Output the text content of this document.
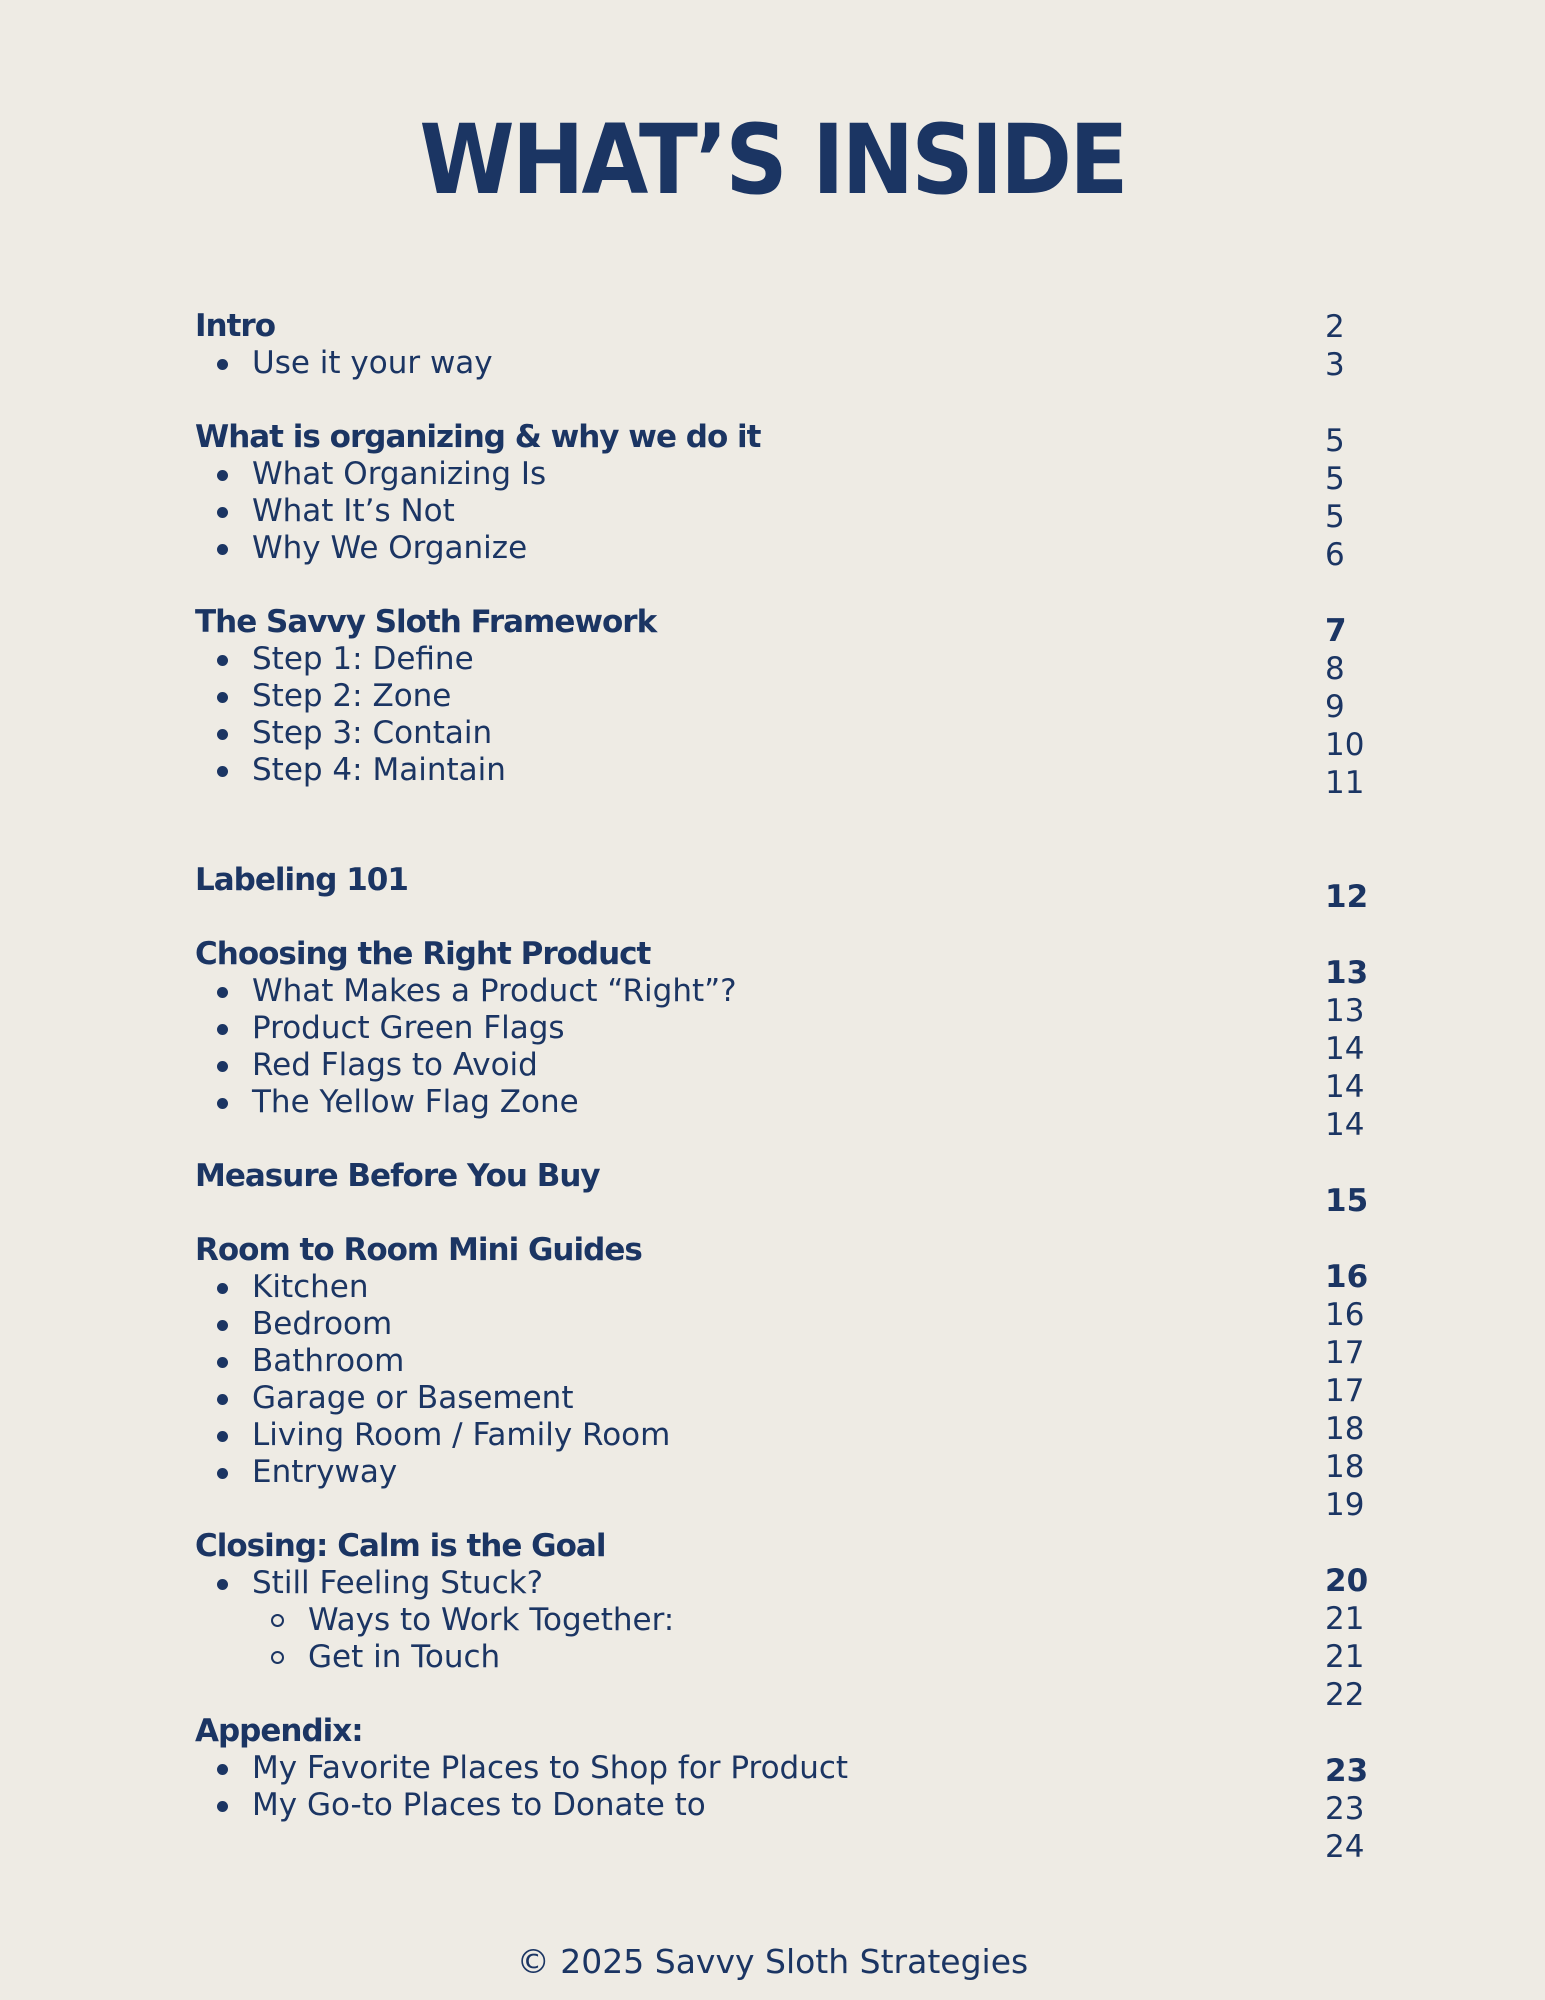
WHAT’S INSIDE
Intro
Use it your way
What is organizing & why we do it
What Organizing Is
What It’s Not
Why We Organize
The Savvy Sloth Framework
Step 1: Define
Step 2: Zone
Step 3: Contain
Step 4: Maintain
Labeling 101
Choosing the Right Product
What Makes a Product “Right”?
Product Green Flags
Red Flags to Avoid
The Yellow Flag Zone
Measure Before You Buy
Room to Room Mini Guides
Kitchen
Bedroom
Bathroom
Garage or Basement
Living Room / Family Room
Entryway
Closing: Calm is the Goal
Still Feeling Stuck?
Ways to Work Together:
Get in Touch
Appendix:
My Favorite Places to Shop for Product
My Go-to Places to Donate to
2
3
5
5
5
6
7
8
9
10
11
12
13
13
14
14
14
15
16
16
17
17
18
18
19
20
21
21
22
23
23
24
© 2025 Savvy Sloth Strategies
